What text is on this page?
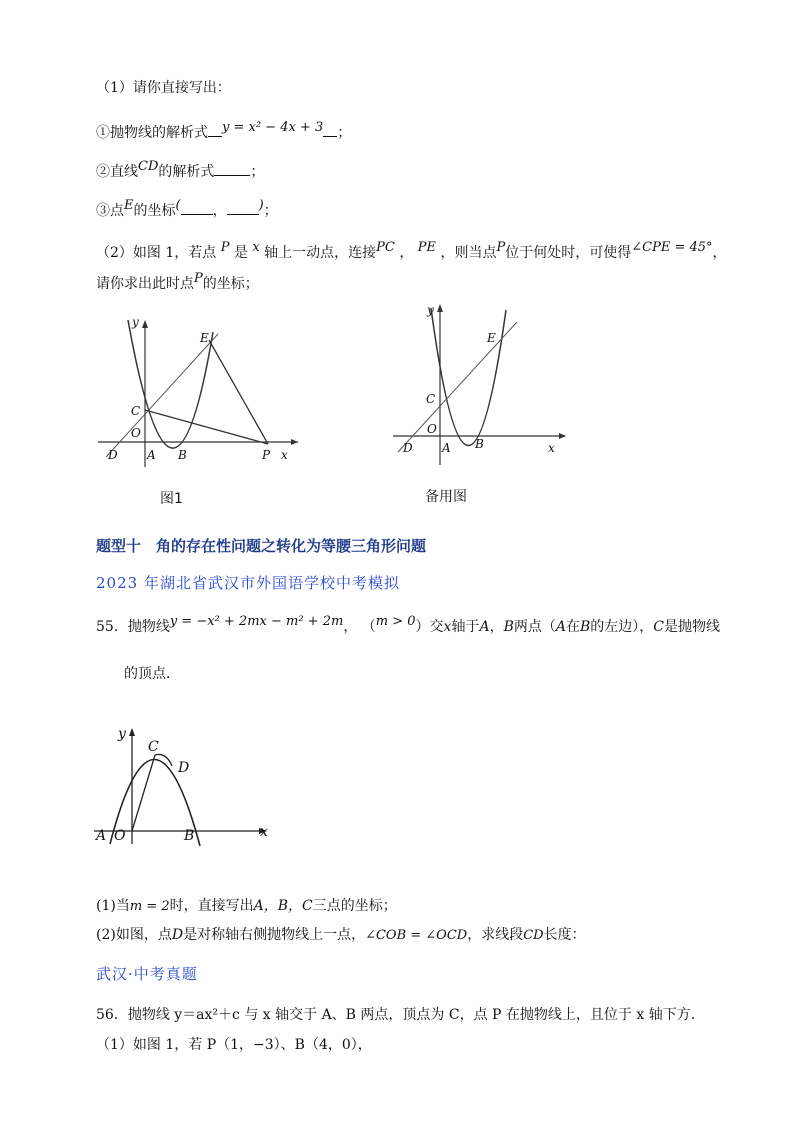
（1）请你直接写出：
①抛物线的解析式 y = x² − 4x + 3 ；
②直线CD的解析式	；
③点E的坐标( ， )；
（2）如图 1，若点 P 是 x 轴上一动点，连接PC ， PE ，则当点P位于何处时，可使得∠CPE = 45°，
请你求出此时点P的坐标；
y
x
E
C
O
D A B	P
图1
y
x
E
C
O
D A B
备用图
题型十　角的存在性问题之转化为等腰三角形问题
2023 年湖北省武汉市外国语学校中考模拟
55．抛物线y = −x² + 2mx − m² + 2m， （m > 0）交x轴于A，B两点（A在B的左边），C是抛物线
的顶点．
y
x
C
D
A O	B
(1)当m = 2时，直接写出A，B，C三点的坐标；
(2)如图，点D是对称轴右侧抛物线上一点，∠COB = ∠OCD，求线段CD长度：
武汉·中考真题
56．抛物线 y＝ax²＋c 与 x 轴交于 A、B 两点，顶点为 C，点 P 在抛物线上，且位于 x 轴下方.
（1）如图 1，若 P（1，−3）、B（4，0），
